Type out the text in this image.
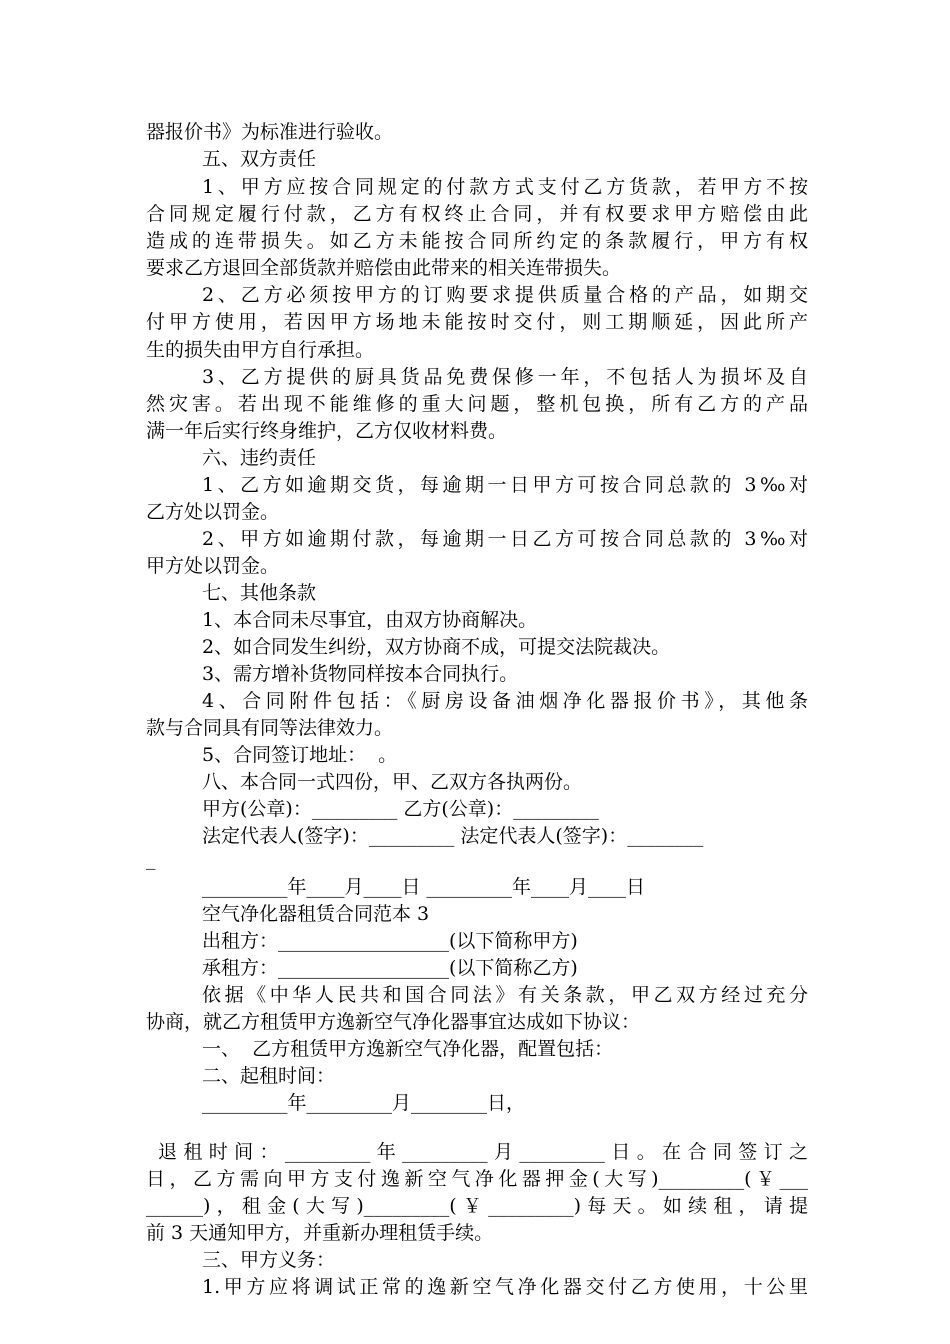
器报价书》为标准进行验收。
五、双方责任
1、甲方应按合同规定的付款方式支付乙方货款，若甲方不按
合同规定履行付款，乙方有权终止合同，并有权要求甲方赔偿由此
造成的连带损失。如乙方未能按合同所约定的条款履行，甲方有权
要求乙方退回全部货款并赔偿由此带来的相关连带损失。
2、乙方必须按甲方的订购要求提供质量合格的产品，如期交
付甲方使用，若因甲方场地未能按时交付，则工期顺延，因此所产
生的损失由甲方自行承担。
3、乙方提供的厨具货品免费保修一年，不包括人为损坏及自
然灾害。若出现不能维修的重大问题，整机包换，所有乙方的产品
满一年后实行终身维护，乙方仅收材料费。
六、违约责任
1、乙方如逾期交货，每逾期一日甲方可按合同总款的 3‰对
乙方处以罚金。
2、甲方如逾期付款，每逾期一日乙方可按合同总款的 3‰对
甲方处以罚金。
七、其他条款
1、本合同未尽事宜，由双方协商解决。
2、如合同发生纠纷，双方协商不成，可提交法院裁决。
3、需方增补货物同样按本合同执行。
4、合同附件包括：《厨房设备油烟净化器报价书》，其他条
款与合同具有同等法律效力。
5、合同签订地址：  。
八、本合同一式四份，甲、乙双方各执两份。
甲方(公章)：_________ 乙方(公章)：_________
法定代表人(签字)：_________ 法定代表人(签字)：________
_
_________年____月____日 _________年____月____日
空气净化器租赁合同范本 3
出租方：__________________(以下简称甲方)
承租方：__________________(以下简称乙方)
依据《中华人民共和国合同法》有关条款，甲乙双方经过充分
协商，就乙方租赁甲方逸新空气净化器事宜达成如下协议：
一、  乙方租赁甲方逸新空气净化器，配置包括：
二、起租时间：
_________年_________月________日，
退租时间：_________年_________月_________日。在合同签订之
日，乙方需向甲方支付逸新空气净化器押金(大写)_________(￥___
______)，租金(大写)_________(￥_________)每天。如续租，请提
前 3 天通知甲方，并重新办理租赁手续。
三、甲方义务：
1.甲方应将调试正常的逸新空气净化器交付乙方使用，十公里
